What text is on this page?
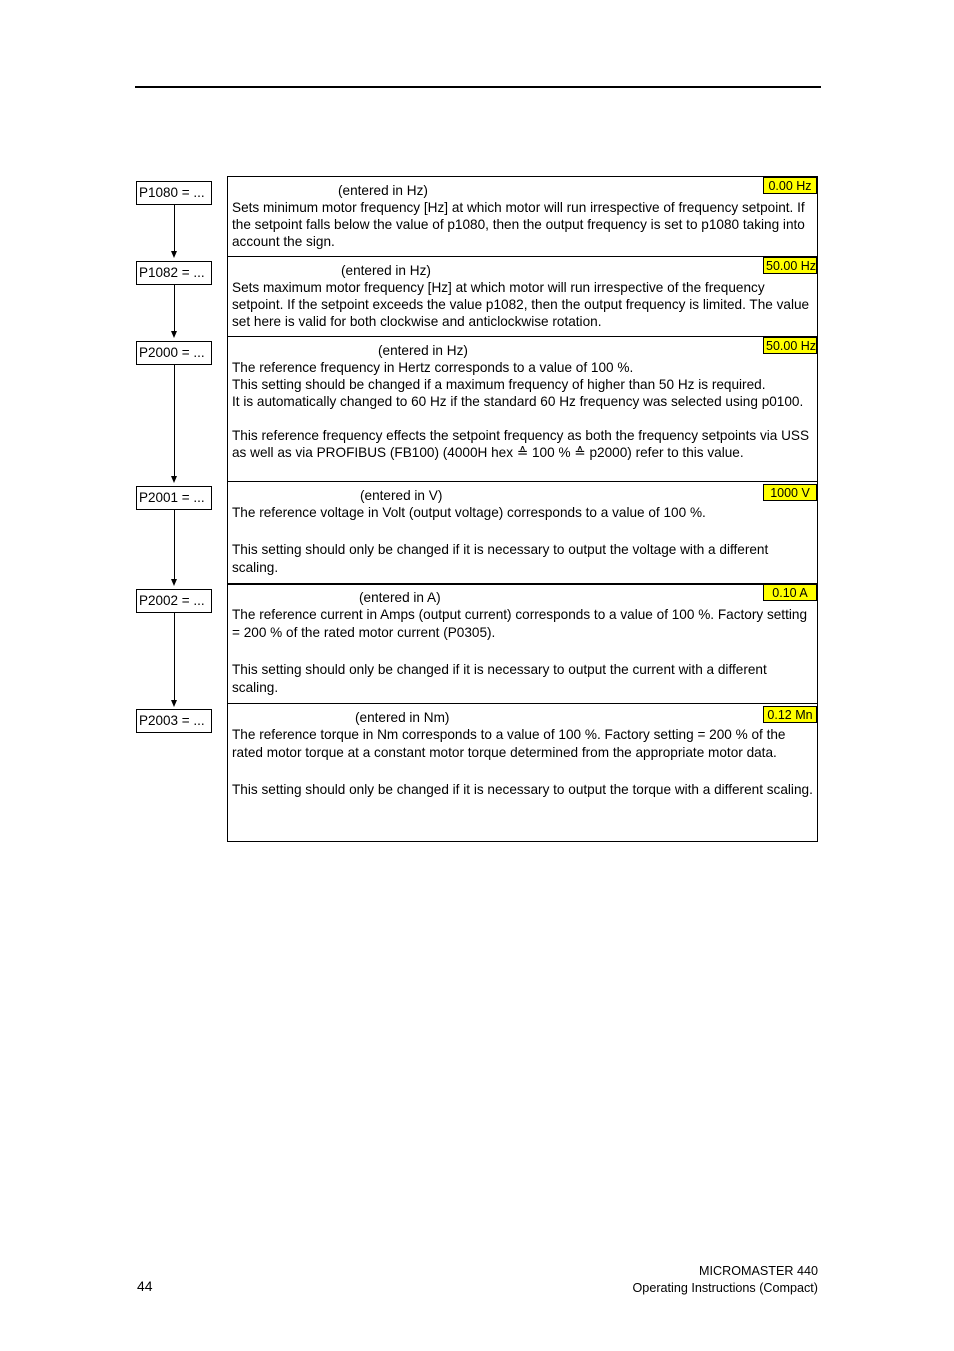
P1080 = ...
P1082 = ...
P2000 = ...
P2001 = ...
P2002 = ...
P2003 = ...
(entered in Hz)	0.00 Hz

Sets minimum motor frequency [Hz] at which motor will run irrespective of frequency setpoint. If the setpoint falls below the value of p1080, then the output frequency is set to p1080 taking into account the sign.

(entered in Hz)	50.00 Hz

Sets maximum motor frequency [Hz] at which motor will run irrespective of the frequency setpoint. If the setpoint exceeds the value p1082, then the output frequency is limited. The value set here is valid for both clockwise and anticlockwise rotation.

(entered in Hz)	50.00 Hz

The reference frequency in Hertz corresponds to a value of 100 %.

This setting should be changed if a maximum frequency of higher than 50 Hz is required.

It is automatically changed to 60 Hz if the standard 60 Hz frequency was selected using p0100.

This reference frequency effects the setpoint frequency as both the frequency setpoints via USS as well as via PROFIBUS (FB100) (4000H hex ≙ 100 % ≙ p2000) refer to this value.

(entered in V)	1000 V

The reference voltage in Volt (output voltage) corresponds to a value of 100 %.

This setting should only be changed if it is necessary to output the voltage with a different scaling.

(entered in A)	0.10 A

The reference current in Amps (output current) corresponds to a value of 100 %. Factory setting = 200 % of the rated motor current (P0305).

This setting should only be changed if it is necessary to output the current with a different scaling.

(entered in Nm)	0.12 Mn

The reference torque in Nm corresponds to a value of 100 %. Factory setting = 200 % of the rated motor torque at a constant motor torque determined from the appropriate motor data.

This setting should only be changed if it is necessary to output the torque with a different scaling.

44
MICROMASTER 440
Operating Instructions (Compact)
